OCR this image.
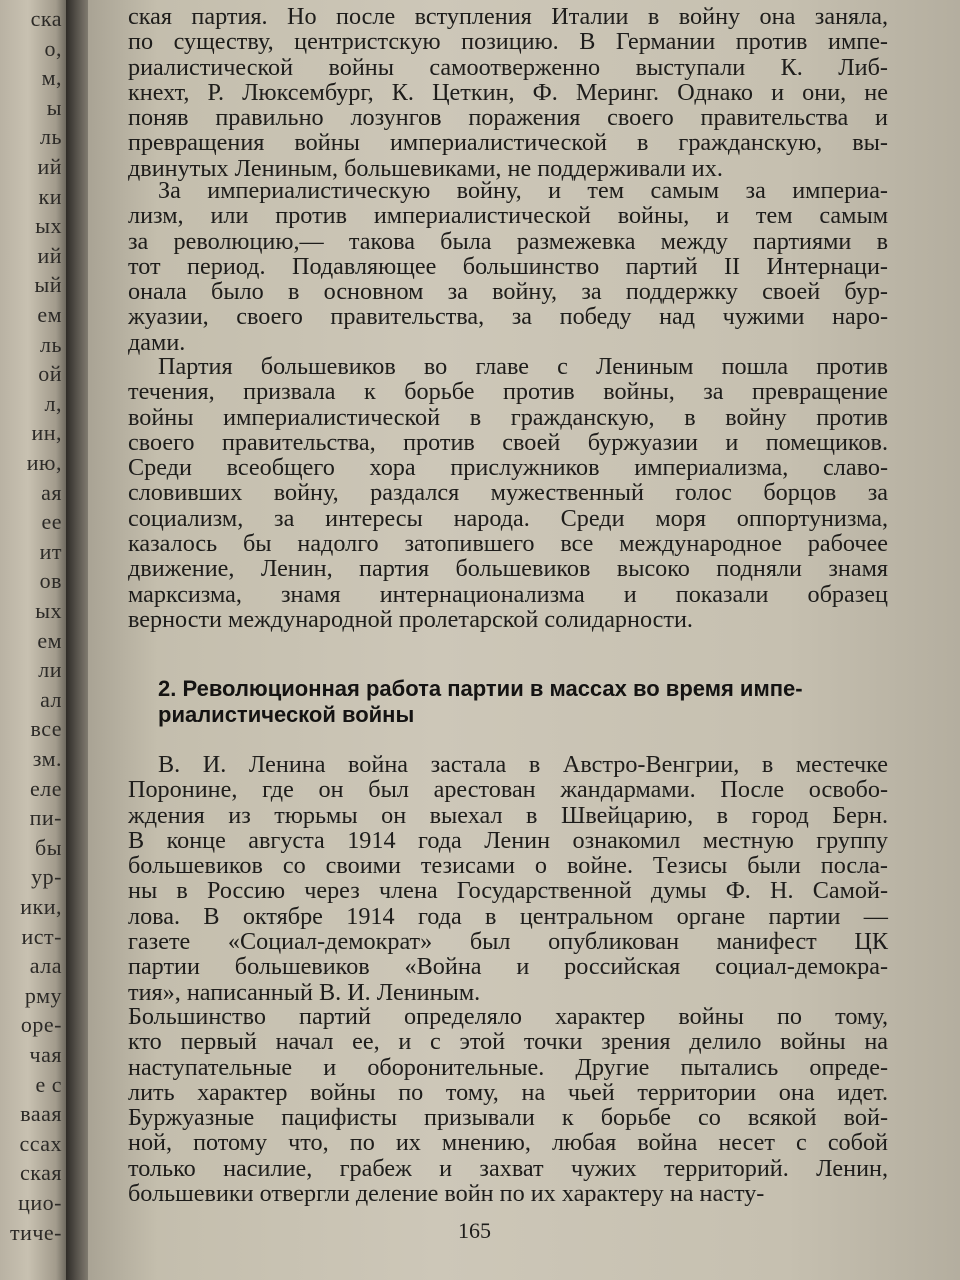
ска
о,
м,
ы
ль
ий
ки
ых
ий
ый
ем
ль
ой
л,
ин,
ию,
ая
ее
ит
ов
ых
ем
ли
ал
все
зм.
еле
пи-
бы
ур-
ики,
ист-
ала
рму
оре-
чая
е с
ваая
ссах
ская
цио-
тиче-
ская партия. Но после вступления Италии в войну она заняла,
по существу, центристскую позицию. В Германии против импе-
риалистической войны самоотверженно выступали К. Либ-
кнехт, Р. Люксембург, К. Цеткин, Ф. Меринг. Однако и они, не
поняв правильно лозунгов поражения своего правительства и
превращения войны империалистической в гражданскую, вы-
двинутых Лениным, большевиками, не поддерживали их.
За империалистическую войну, и тем самым за империа-
лизм, или против империалистической войны, и тем самым
за революцию,— такова была размежевка между партиями в
тот период. Подавляющее большинство партий II Интернаци-
онала было в основном за войну, за поддержку своей бур-
жуазии, своего правительства, за победу над чужими наро-
дами.
Партия большевиков во главе с Лениным пошла против
течения, призвала к борьбе против войны, за превращение
войны империалистической в гражданскую, в войну против
своего правительства, против своей буржуазии и помещиков.
Среди всеобщего хора прислужников империализма, славо-
словивших войну, раздался мужественный голос борцов за
социализм, за интересы народа. Среди моря оппортунизма,
казалось бы надолго затопившего все международное рабочее
движение, Ленин, партия большевиков высоко подняли знамя
марксизма, знамя интернационализма и показали образец
верности международной пролетарской солидарности.
2. Революционная работа партии в массах во время импе-
риалистической войны
В. И. Ленина война застала в Австро-Венгрии, в местечке
Поронине, где он был арестован жандармами. После освобо-
ждения из тюрьмы он выехал в Швейцарию, в город Берн.
В конце августа 1914 года Ленин ознакомил местную группу
большевиков со своими тезисами о войне. Тезисы были посла-
ны в Россию через члена Государственной думы Ф. Н. Самой-
лова. В октябре 1914 года в центральном органе партии —
газете «Социал-демократ» был опубликован манифест ЦК
партии большевиков «Война и российская социал-демокра-
тия», написанный В. И. Лениным.
Большинство партий определяло характер войны по тому,
кто первый начал ее, и с этой точки зрения делило войны на
наступательные и оборонительные. Другие пытались опреде-
лить характер войны по тому, на чьей территории она идет.
Буржуазные пацифисты призывали к борьбе со всякой вой-
ной, потому что, по их мнению, любая война несет с собой
только насилие, грабеж и захват чужих территорий. Ленин,
большевики отвергли деление войн по их характеру на насту-
165
